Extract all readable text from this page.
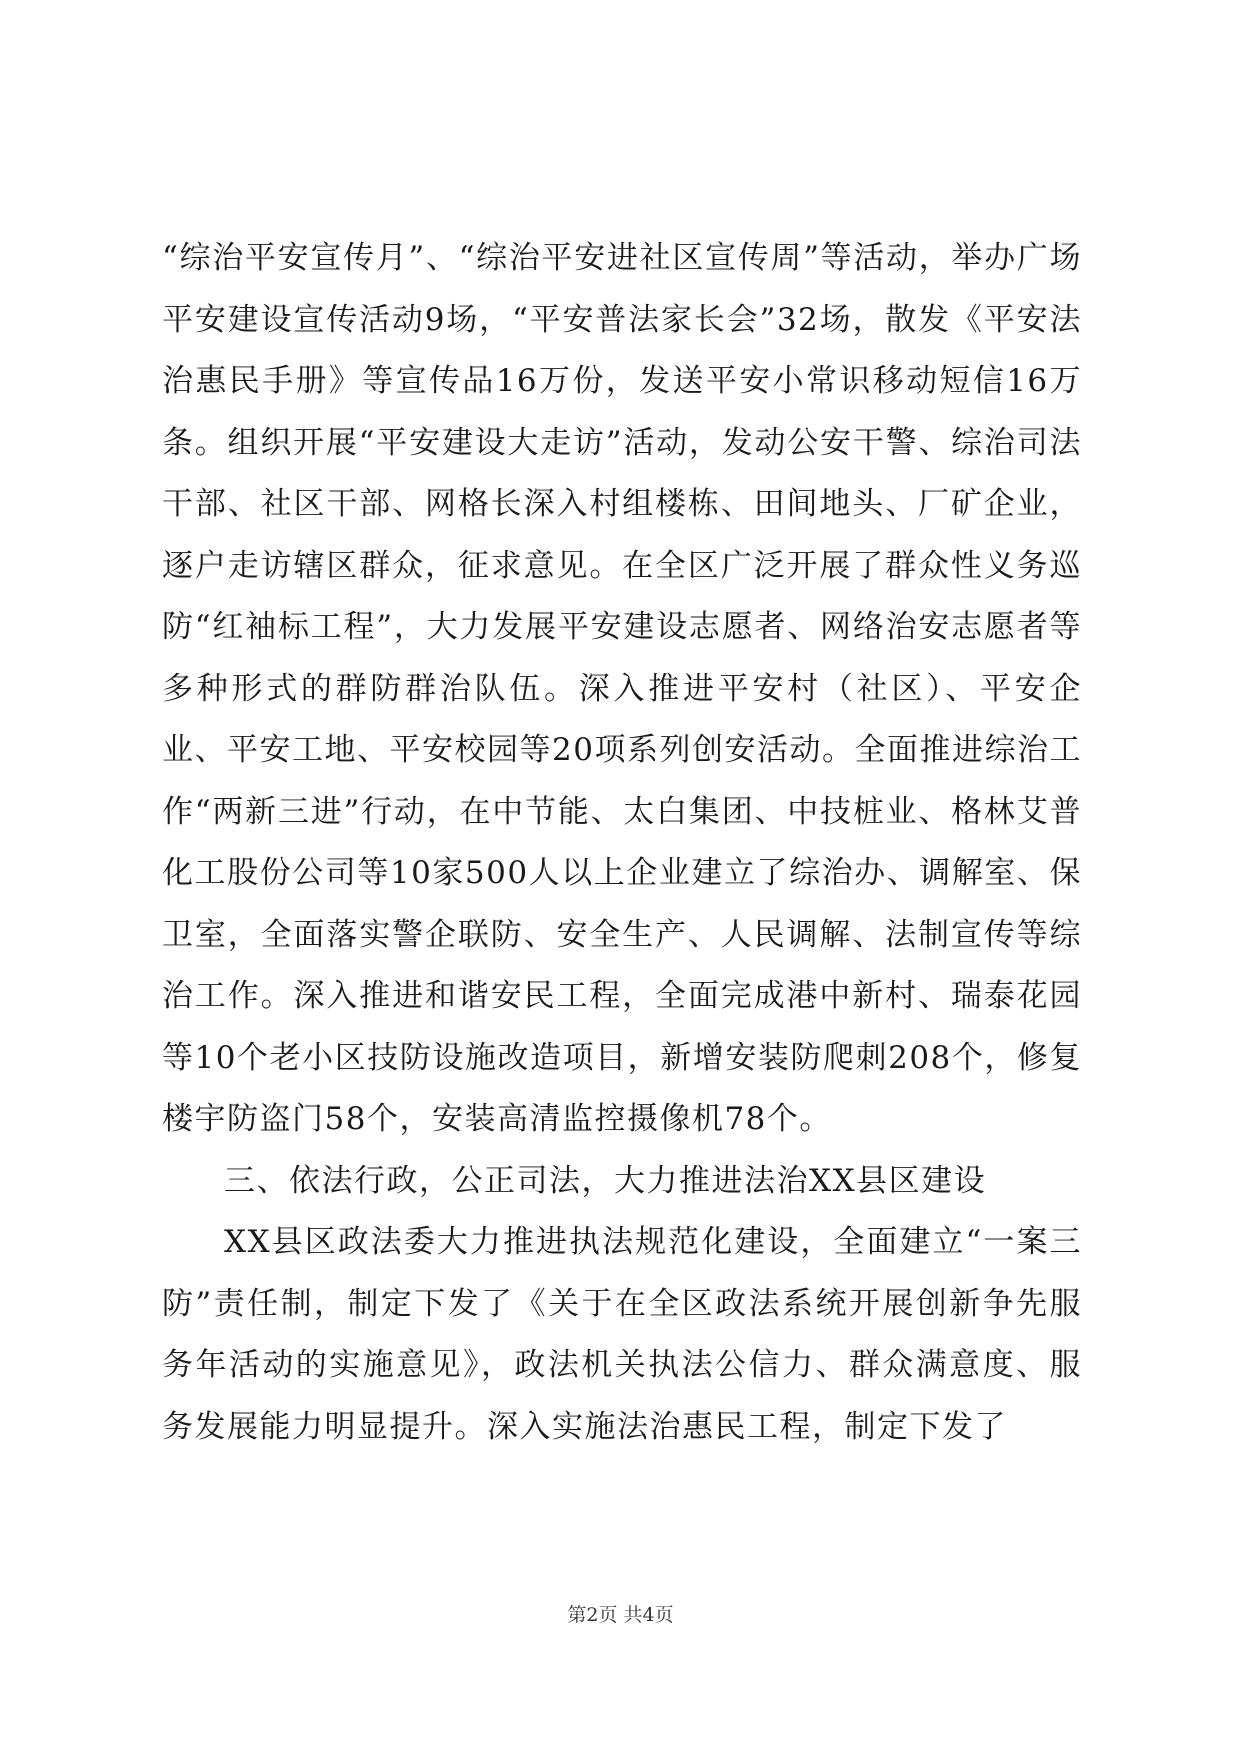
“综治平安宣传月”、“综治平安进社区宣传周”等活动，举办广场平安建设宣传活动9场，“平安普法家长会”32场，散发《平安法治惠民手册》等宣传品16万份，发送平安小常识移动短信16万条。组织开展“平安建设大走访”活动，发动公安干警、综治司法干部、社区干部、网格长深入村组楼栋、田间地头、厂矿企业，逐户走访辖区群众，征求意见。在全区广泛开展了群众性义务巡防“红袖标工程”，大力发展平安建设志愿者、网络治安志愿者等多种形式的群防群治队伍。深入推进平安村（社区）、平安企业、平安工地、平安校园等20项系列创安活动。全面推进综治工作“两新三进”行动，在中节能、太白集团、中技桩业、格林艾普化工股份公司等10家500人以上企业建立了综治办、调解室、保卫室，全面落实警企联防、安全生产、人民调解、法制宣传等综治工作。深入推进和谐安民工程，全面完成港中新村、瑞泰花园等10个老小区技防设施改造项目，新增安装防爬刺208个，修复楼宇防盗门58个，安装高清监控摄像机78个。

三、依法行政，公正司法，大力推进法治XX县区建设

XX县区政法委大力推进执法规范化建设，全面建立“一案三防”责任制，制定下发了《关于在全区政法系统开展创新争先服务年活动的实施意见》，政法机关执法公信力、群众满意度、服务发展能力明显提升。深入实施法治惠民工程，制定下发了

第2页 共4页
